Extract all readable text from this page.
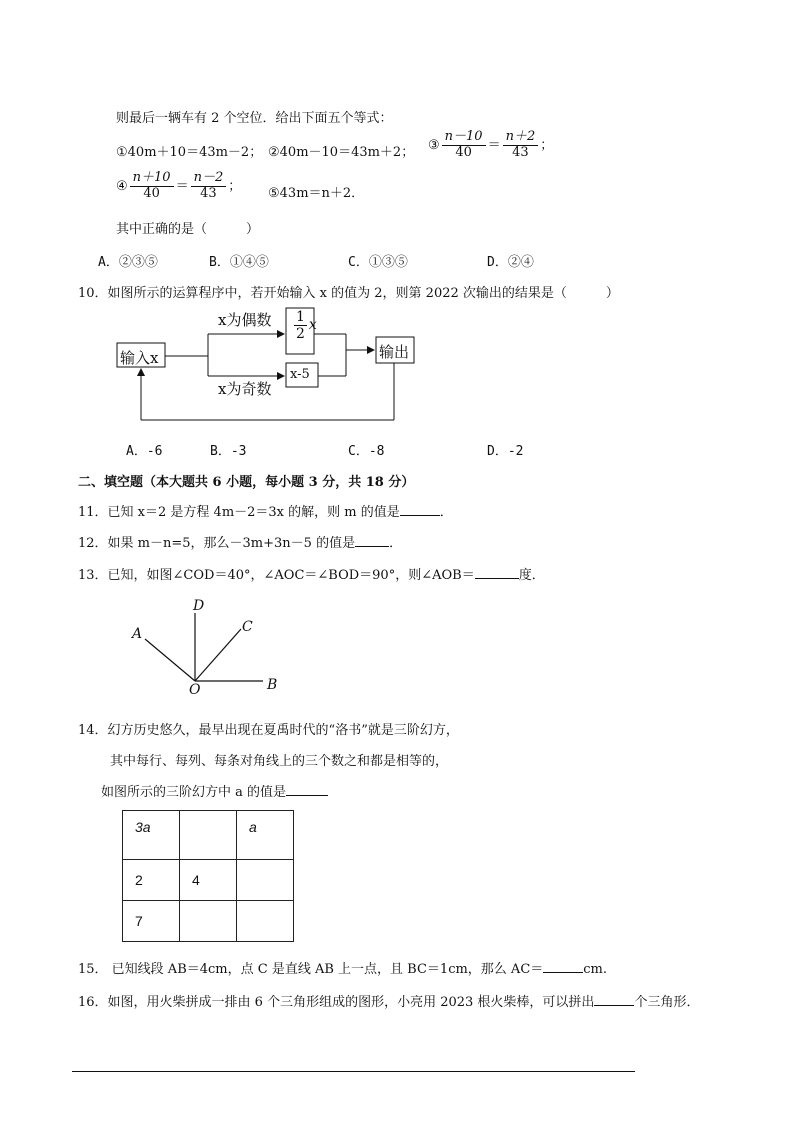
则最后一辆车有 2 个空位．给出下面五个等式：
①40m＋10＝43m－2； ②40m－10＝43m＋2； ③ $\frac{n-10}{40} = \frac{n+2}{43}$ ；
④ $\frac{n+10}{40} = \frac{n-2}{43}$ ； ⑤43m＝n＋2．
其中正确的是（　　　）
A．②③⑤	B．①④⑤	C．①③⑤	D．②④
10．如图所示的运算程序中，若开始输入 x 的值为 2，则第 2022 次输出的结果是（　　　）
输入x
x为偶数 $\frac{1}{2}$ x
x-5
x为奇数
输出
A．-6	B．-3	C．-8	D．-2
二、填空题（本大题共 6 小题，每小题 3 分，共 18 分）
11．已知 x＝2 是方程 4m－2＝3x 的解，则 m 的值是	．
12．如果 m－n=5，那么－3m+3n－5 的值是	．
13．已知，如图∠COD＝40°，∠AOC＝∠BOD＝90°，则∠AOB＝	度．
D
C
A
O	B
14．幻方历史悠久，最早出现在夏禹时代的“洛书”就是三阶幻方，
其中每行、每列、每条对角线上的三个数之和都是相等的，
如图所示的三阶幻方中 a 的值是
3a		a
2	4	
7		
15． 已知线段 AB＝4cm，点 C 是直线 AB 上一点，且 BC＝1cm，那么 AC＝	cm.
16．如图，用火柴拼成一排由 6 个三角形组成的图形，小亮用 2023 根火柴棒，可以拼出	个三角形．
